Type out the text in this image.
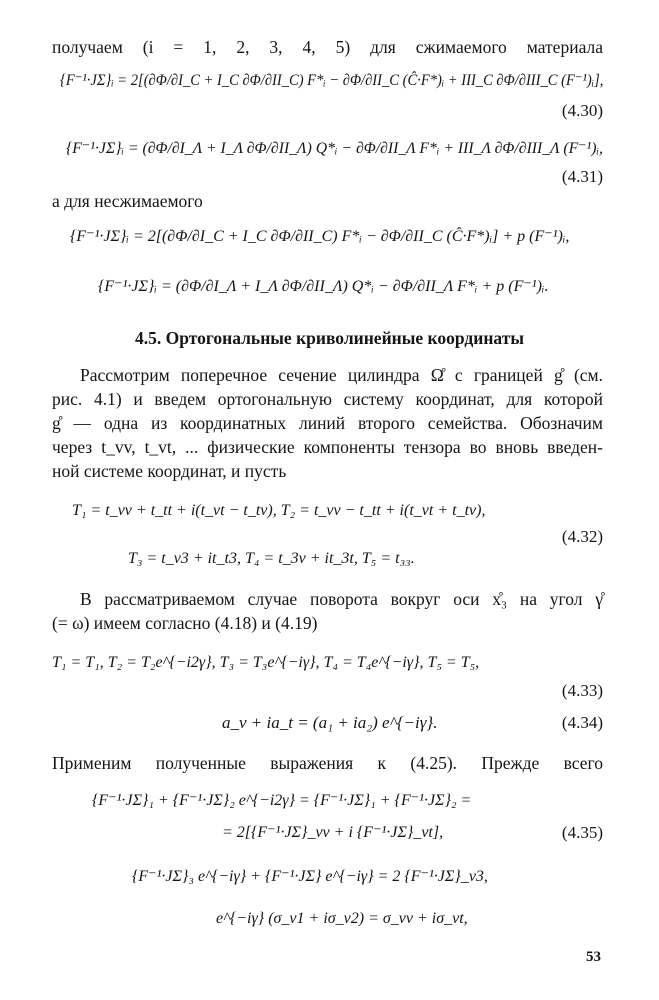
получаем (i = 1, 2, 3, 4, 5) для сжимаемого материала
{F⁻¹·JΣ}ᵢ = 2[(∂Φ/∂I_C + I_C ∂Φ/∂II_C) F*ᵢ − ∂Φ/∂II_C (Ĉ·F*)ᵢ + III_C ∂Φ/∂III_C (F⁻¹)ᵢ],
(4.30)
{F⁻¹·JΣ}ᵢ = (∂Φ/∂I_Λ + I_Λ ∂Φ/∂II_Λ) Q*ᵢ − ∂Φ/∂II_Λ F*ᵢ + III_Λ ∂Φ/∂III_Λ (F⁻¹)ᵢ,
(4.31)
а для несжимаемого
{F⁻¹·JΣ}ᵢ = 2[(∂Φ/∂I_C + I_C ∂Φ/∂II_C) F*ᵢ − ∂Φ/∂II_C (Ĉ·F*)ᵢ] + p (F⁻¹)ᵢ,
{F⁻¹·JΣ}ᵢ = (∂Φ/∂I_Λ + I_Λ ∂Φ/∂II_Λ) Q*ᵢ − ∂Φ/∂II_Λ F*ᵢ + p (F⁻¹)ᵢ.
4.5. Ортогональные криволинейные координаты
Рассмотрим поперечное сечение цилиндра Ω̊ с границей g̊ (см.
рис. 4.1) и введем ортогональную систему координат, для которой
g̊ — одна из координатных линий второго семейства. Обозначим
через t_vv, t_vt, ... физические компоненты тензора во вновь введен-
ной системе координат, и пусть
T₁ = t_vv + t_tt + i(t_vt − t_tv), T₂ = t_vv − t_tt + i(t_vt + t_tv),
(4.32)
T₃ = t_v3 + it_t3, T₄ = t_3v + it_3t, T₅ = t₃₃.
В рассматриваемом случае поворота вокруг оси x̊₃ на угол γ̊
(= ω) имеем согласно (4.18) и (4.19)
T₁ = T₁, T₂ = T₂e^{−i2γ}, T₃ = T₃e^{−iγ}, T₄ = T₄e^{−iγ}, T₅ = T₅,
(4.33)
a_v + ia_t = (a₁ + ia₂) e^{−iγ}.	(4.34)
Применим полученные выражения к (4.25). Прежде всего
{F⁻¹·JΣ}₁ + {F⁻¹·JΣ}₂ e^{−i2γ} = {F⁻¹·JΣ}₁ + {F⁻¹·JΣ}₂ =
= 2[{F⁻¹·JΣ}_vv + i {F⁻¹·JΣ}_vt],	(4.35)
{F⁻¹·JΣ}₃ e^{−iγ} + {F⁻¹·JΣ} e^{−iγ} = 2 {F⁻¹·JΣ}_v3,
e^{−iγ} (σ_v1 + iσ_v2) = σ_vv + iσ_vt,
53
